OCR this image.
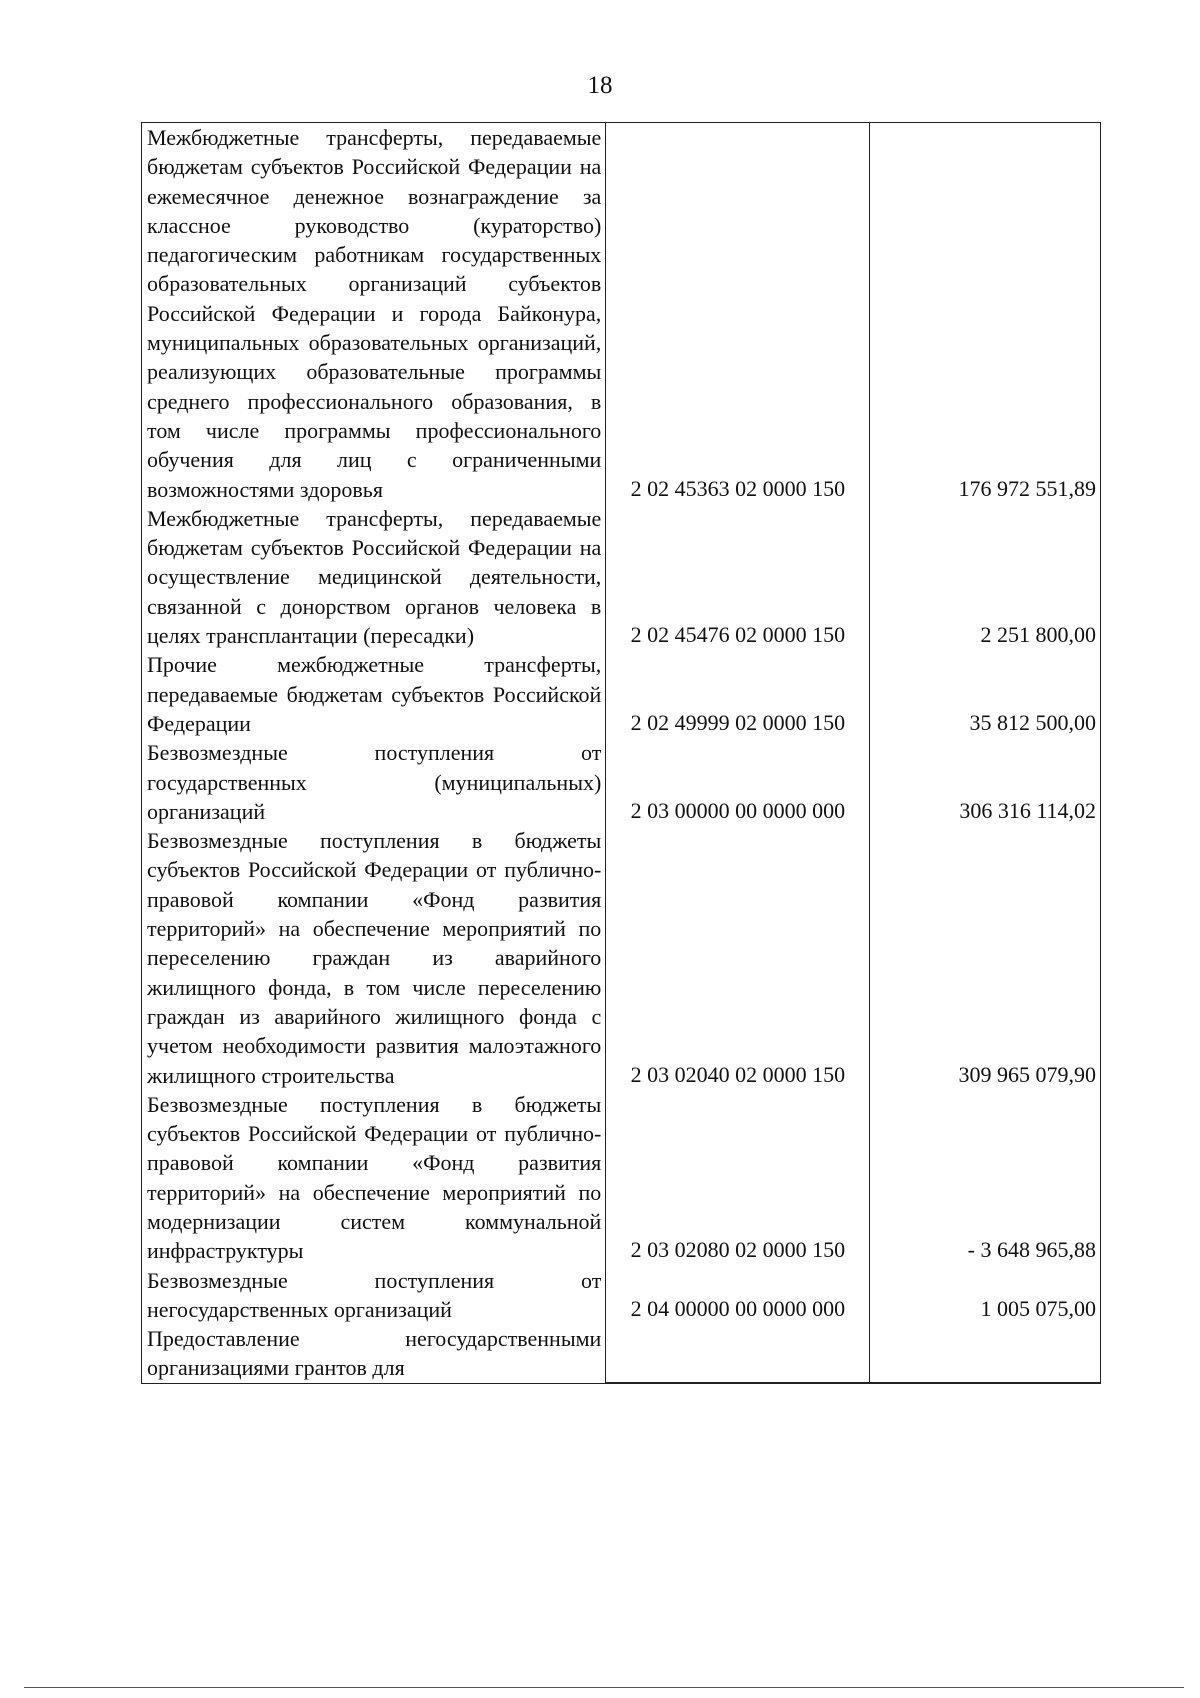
18
Межбюджетные трансферты, передаваемые бюджетам субъектов Российской Федерации на ежемесячное денежное вознаграждение за классное руководство (кураторство) педагогическим работникам государственных образовательных организаций субъектов Российской Федерации и города Байконура, муниципальных образовательных организаций, реализующих образовательные программы среднего профессионального образования, в том числе программы профессионального обучения для лиц с ограниченными возможностями здоровья	2 02 45363 02 0000 150	176 972 551,89

Межбюджетные трансферты, передаваемые бюджетам субъектов Российской Федерации на осуществление медицинской деятельности, связанной с донорством органов человека в целях трансплантации (пересадки)	2 02 45476 02 0000 150	2 251 800,00

Прочие межбюджетные трансферты, передаваемые бюджетам субъектов Российской Федерации	2 02 49999 02 0000 150	35 812 500,00

Безвозмездные поступления от государственных (муниципальных) организаций	2 03 00000 00 0000 000	306 316 114,02

Безвозмездные поступления в бюджеты субъектов Российской Федерации от публично-правовой компании «Фонд развития территорий» на обеспечение мероприятий по переселению граждан из аварийного жилищного фонда, в том числе переселению граждан из аварийного жилищного фонда с учетом необходимости развития малоэтажного жилищного строительства	2 03 02040 02 0000 150	309 965 079,90

Безвозмездные поступления в бюджеты субъектов Российской Федерации от публично-правовой компании «Фонд развития территорий» на обеспечение мероприятий по модернизации систем коммунальной инфраструктуры	2 03 02080 02 0000 150	- 3 648 965,88

Безвозмездные поступления от негосударственных организаций	2 04 00000 00 0000 000	1 005 075,00

Предоставление негосударственными организациями грантов для		
